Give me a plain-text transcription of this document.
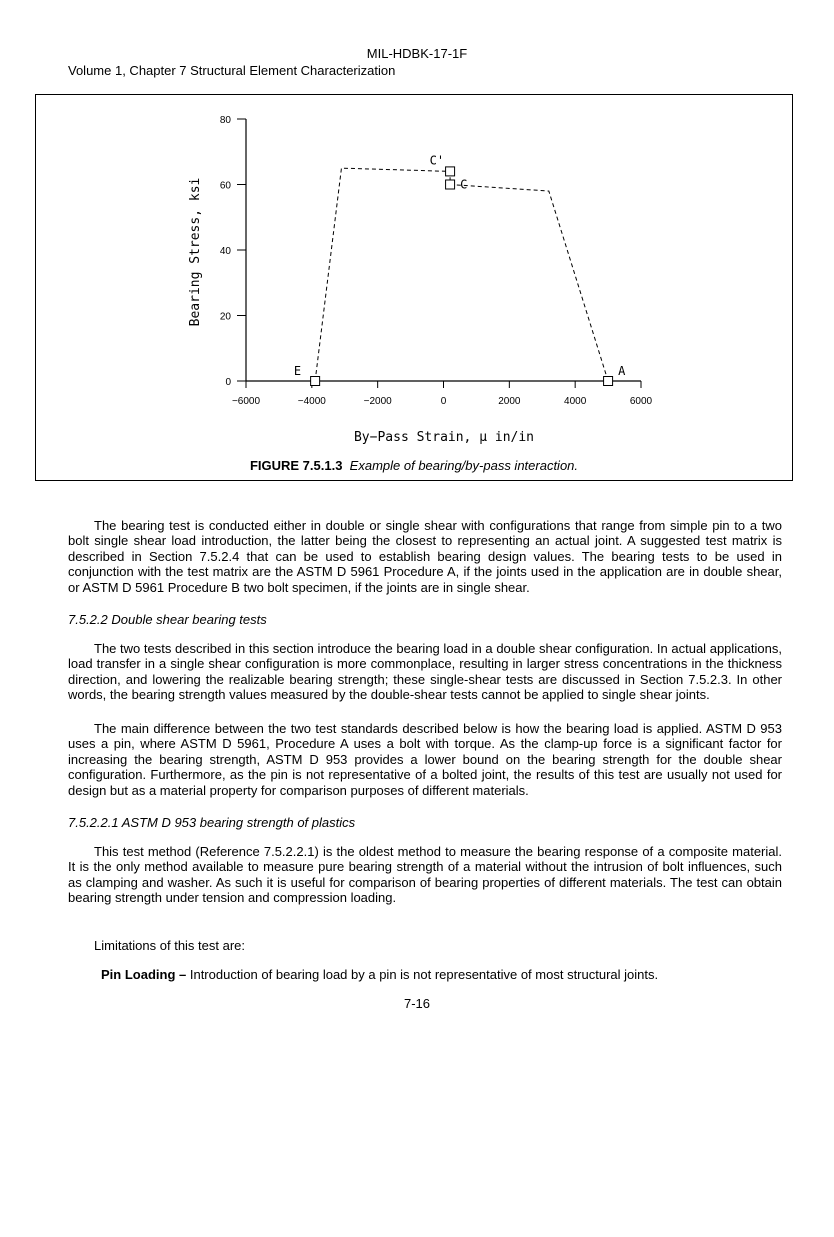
MIL-HDBK-17-1F
Volume 1, Chapter 7 Structural Element Characterization
E
C'
C
A
−6000	−4000	−2000	0	2000	4000	6000
0
20
40
60
80
Bearing Stress, ksi
By−Pass Strain, μ in/in
FIGURE 7.5.1.3 Example of bearing/by-pass interaction.

The bearing test is conducted either in double or single shear with configurations that range from simple pin to a two bolt single shear load introduction, the latter being the closest to representing an actual joint. A suggested test matrix is described in Section 7.5.2.4 that can be used to establish bearing design values. The bearing tests to be used in conjunction with the test matrix are the ASTM D 5961 Procedure A, if the joints used in the application are in double shear, or ASTM D 5961 Procedure B two bolt specimen, if the joints are in single shear.

7.5.2.2 Double shear bearing tests

The two tests described in this section introduce the bearing load in a double shear configuration. In actual applications, load transfer in a single shear configuration is more commonplace, resulting in larger stress concentrations in the thickness direction, and lowering the realizable bearing strength; these single-shear tests are discussed in Section 7.5.2.3. In other words, the bearing strength values measured by the double-shear tests cannot be applied to single shear joints.

The main difference between the two test standards described below is how the bearing load is applied. ASTM D 953 uses a pin, where ASTM D 5961, Procedure A uses a bolt with torque. As the clamp-up force is a significant factor for increasing the bearing strength, ASTM D 953 provides a lower bound on the bearing strength for the double shear configuration. Furthermore, as the pin is not representative of a bolted joint, the results of this test are usually not used for design but as a material property for comparison purposes of different materials.

7.5.2.2.1 ASTM D 953 bearing strength of plastics

This test method (Reference 7.5.2.2.1) is the oldest method to measure the bearing response of a composite material. It is the only method available to measure pure bearing strength of a material without the intrusion of bolt influences, such as clamping and washer. As such it is useful for comparison of bearing properties of different materials. The test can obtain bearing strength under tension and compression loading.

Limitations of this test are:

Pin Loading – Introduction of bearing load by a pin is not representative of most structural joints.

7-16
